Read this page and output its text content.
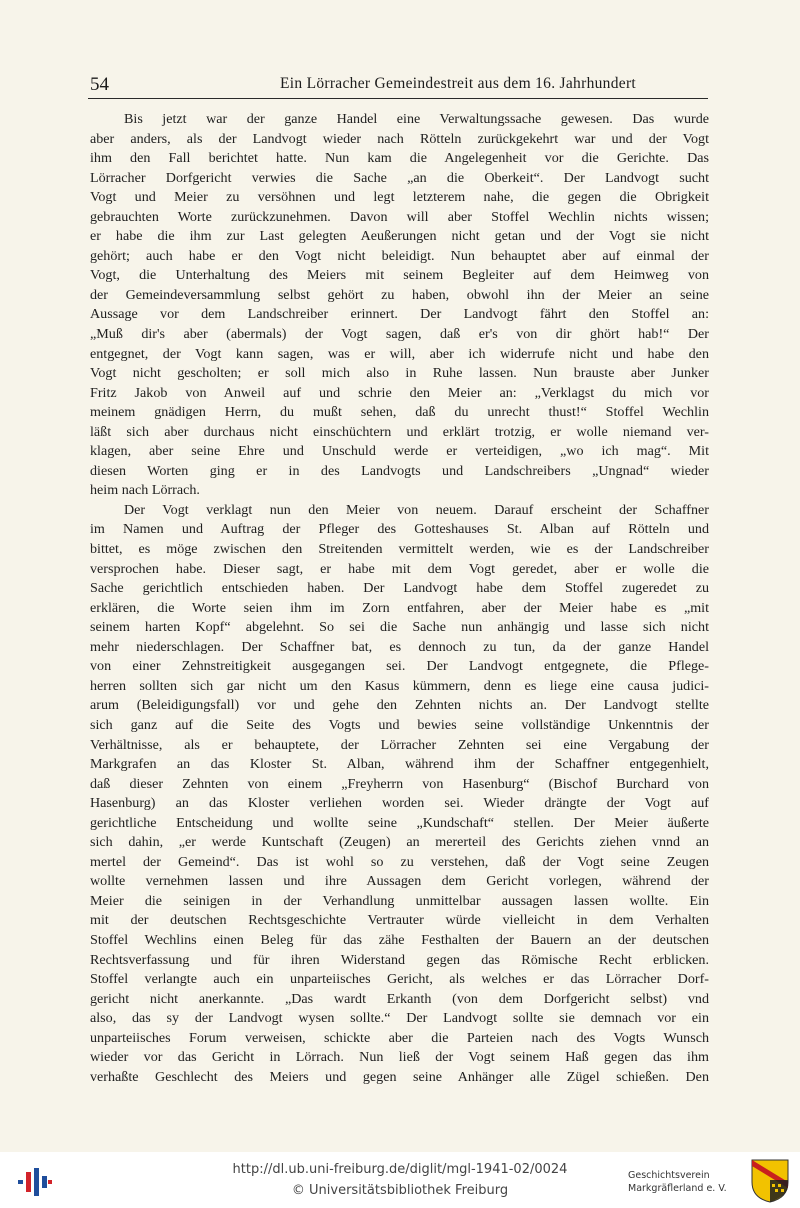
54	Ein Lörracher Gemeindestreit aus dem 16. Jahrhundert
Bis jetzt war der ganze Handel eine Verwaltungssache gewesen. Das wurde
aber anders, als der Landvogt wieder nach Rötteln zurückgekehrt war und der Vogt
ihm den Fall berichtet hatte. Nun kam die Angelegenheit vor die Gerichte. Das
Lörracher Dorfgericht verwies die Sache „an die Oberkeit“. Der Landvogt sucht
Vogt und Meier zu versöhnen und legt letzterem nahe, die gegen die Obrigkeit
gebrauchten Worte zurückzunehmen. Davon will aber Stoffel Wechlin nichts wissen;
er habe die ihm zur Last gelegten Aeußerungen nicht getan und der Vogt sie nicht
gehört; auch habe er den Vogt nicht beleidigt. Nun behauptet aber auf einmal der
Vogt, die Unterhaltung des Meiers mit seinem Begleiter auf dem Heimweg von
der Gemeindeversammlung selbst gehört zu haben, obwohl ihn der Meier an seine
Aussage vor dem Landschreiber erinnert. Der Landvogt fährt den Stoffel an:
„Muß dir's aber (abermals) der Vogt sagen, daß er's von dir ghört hab!“ Der
entgegnet, der Vogt kann sagen, was er will, aber ich widerrufe nicht und habe den
Vogt nicht gescholten; er soll mich also in Ruhe lassen. Nun brauste aber Junker
Fritz Jakob von Anweil auf und schrie den Meier an: „Verklagst du mich vor
meinem gnädigen Herrn, du mußt sehen, daß du unrecht thust!“ Stoffel Wechlin
läßt sich aber durchaus nicht einschüchtern und erklärt trotzig, er wolle niemand ver-
klagen, aber seine Ehre und Unschuld werde er verteidigen, „wo ich mag“. Mit
diesen Worten ging er in des Landvogts und Landschreibers „Ungnad“ wieder
heim nach Lörrach.
Der Vogt verklagt nun den Meier von neuem. Darauf erscheint der Schaffner
im Namen und Auftrag der Pfleger des Gotteshauses St. Alban auf Rötteln und
bittet, es möge zwischen den Streitenden vermittelt werden, wie es der Landschreiber
versprochen habe. Dieser sagt, er habe mit dem Vogt geredet, aber er wolle die
Sache gerichtlich entschieden haben. Der Landvogt habe dem Stoffel zugeredet zu
erklären, die Worte seien ihm im Zorn entfahren, aber der Meier habe es „mit
seinem harten Kopf“ abgelehnt. So sei die Sache nun anhängig und lasse sich nicht
mehr niederschlagen. Der Schaffner bat, es dennoch zu tun, da der ganze Handel
von einer Zehnstreitigkeit ausgegangen sei. Der Landvogt entgegnete, die Pflege-
herren sollten sich gar nicht um den Kasus kümmern, denn es liege eine causa judici-
arum (Beleidigungsfall) vor und gehe den Zehnten nichts an. Der Landvogt stellte
sich ganz auf die Seite des Vogts und bewies seine vollständige Unkenntnis der
Verhältnisse, als er behauptete, der Lörracher Zehnten sei eine Vergabung der
Markgrafen an das Kloster St. Alban, während ihm der Schaffner entgegenhielt,
daß dieser Zehnten von einem „Freyherrn von Hasenburg“ (Bischof Burchard von
Hasenburg) an das Kloster verliehen worden sei. Wieder drängte der Vogt auf
gerichtliche Entscheidung und wollte seine „Kundschaft“ stellen. Der Meier äußerte
sich dahin, „er werde Kuntschaft (Zeugen) an mererteil des Gerichts ziehen vnnd an
mertel der Gemeind“. Das ist wohl so zu verstehen, daß der Vogt seine Zeugen
wollte vernehmen lassen und ihre Aussagen dem Gericht vorlegen, während der
Meier die seinigen in der Verhandlung unmittelbar aussagen lassen wollte. Ein
mit der deutschen Rechtsgeschichte Vertrauter würde vielleicht in dem Verhalten
Stoffel Wechlins einen Beleg für das zähe Festhalten der Bauern an der deutschen
Rechtsverfassung und für ihren Widerstand gegen das Römische Recht erblicken.
Stoffel verlangte auch ein unparteiisches Gericht, als welches er das Lörracher Dorf-
gericht nicht anerkannte. „Das wardt Erkanth (von dem Dorfgericht selbst) vnd
also, das sy der Landvogt wysen sollte.“ Der Landvogt sollte sie demnach vor ein
unparteiisches Forum verweisen, schickte aber die Parteien nach des Vogts Wunsch
wieder vor das Gericht in Lörrach. Nun ließ der Vogt seinem Haß gegen das ihm
verhaßte Geschlecht des Meiers und gegen seine Anhänger alle Zügel schießen. Den
http://dl.ub.uni-freiburg.de/diglit/mgl-1941-02/0024
© Universitätsbibliothek Freiburg
Geschichtsverein
Markgräflerland e. V.
